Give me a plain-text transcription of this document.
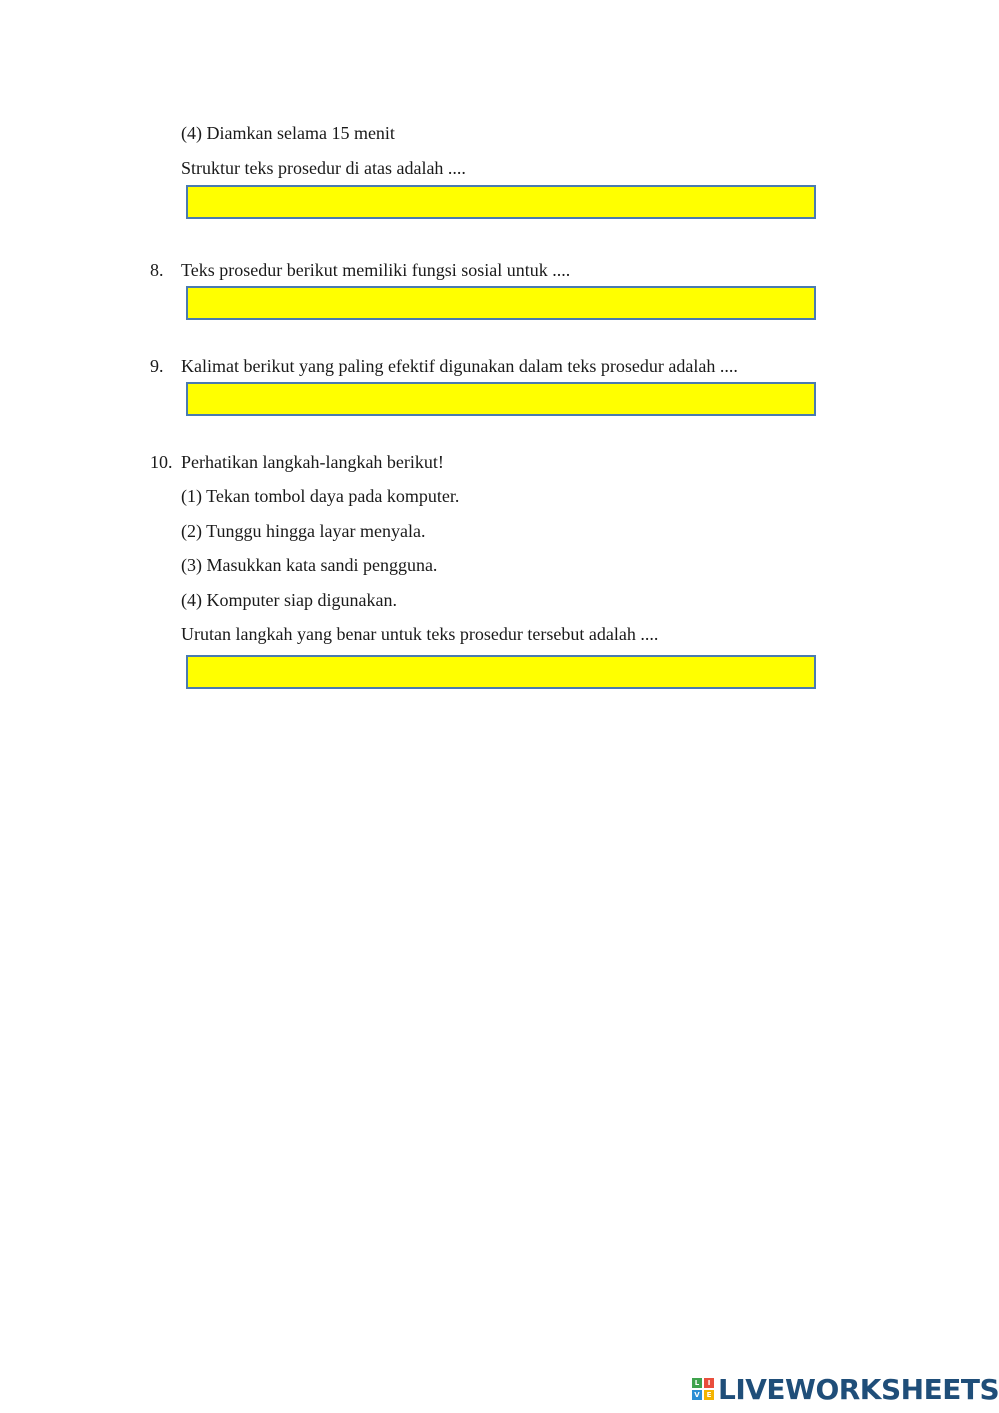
(4) Diamkan selama 15 menit
Struktur teks prosedur di atas adalah ....
8. Teks prosedur berikut memiliki fungsi sosial untuk ....
9. Kalimat berikut yang paling efektif digunakan dalam teks prosedur adalah ....
10. Perhatikan langkah-langkah berikut!
(1) Tekan tombol daya pada komputer.
(2) Tunggu hingga layar menyala.
(3) Masukkan kata sandi pengguna.
(4) Komputer siap digunakan.
Urutan langkah yang benar untuk teks prosedur tersebut adalah ....
L	I
V E LIVEWORKSHEETS
